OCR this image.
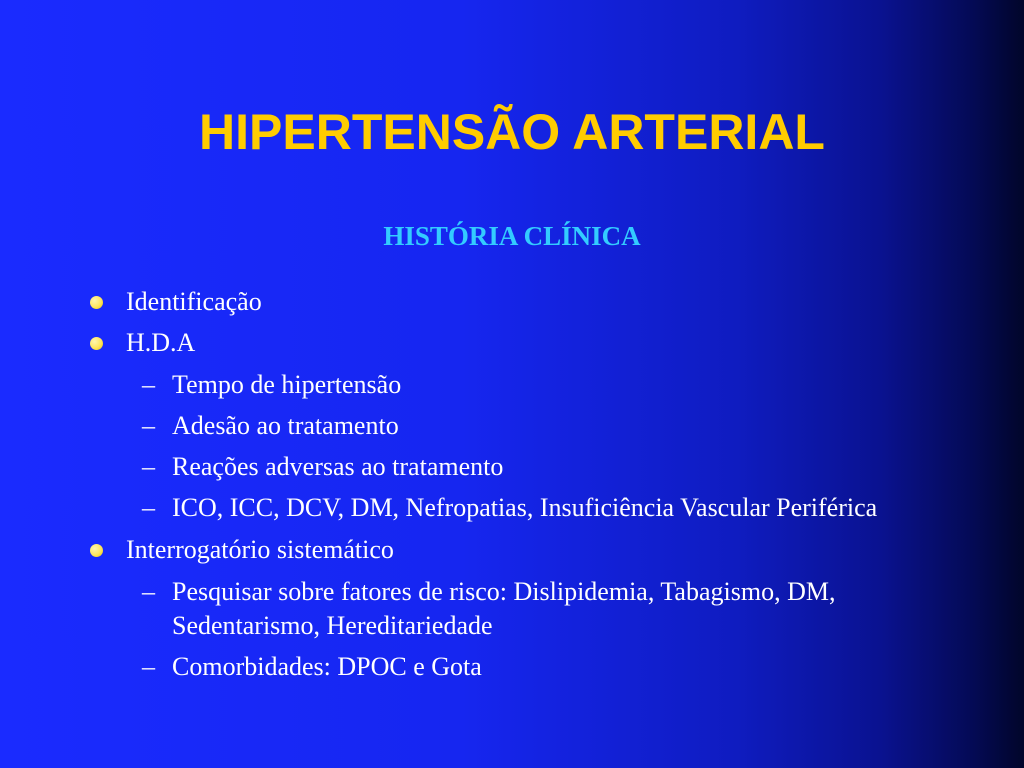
HIPERTENSÃO ARTERIAL
HISTÓRIA CLÍNICA
Identificação
H.D.A
– Tempo de hipertensão
– Adesão ao tratamento
– Reações adversas ao tratamento
– ICO, ICC, DCV, DM, Nefropatias, Insuficiência Vascular Periférica
Interrogatório sistemático
– Pesquisar sobre fatores de risco: Dislipidemia, Tabagismo, DM, Sedentarismo, Hereditariedade
– Comorbidades: DPOC e Gota
